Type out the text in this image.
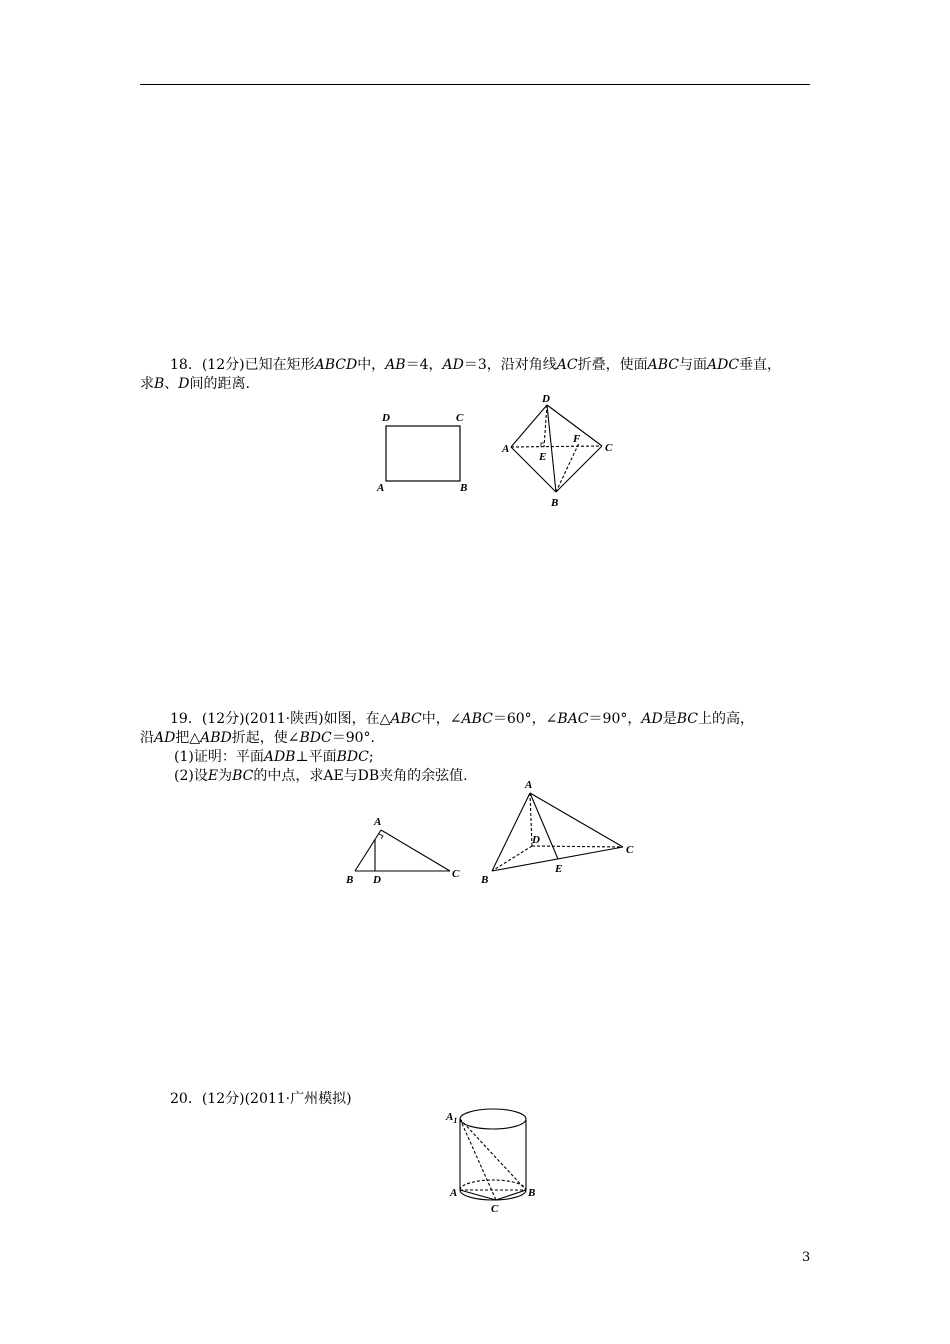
18．(12分)已知在矩形ABCD中，AB＝4，AD＝3，沿对角线AC折叠，使面ABC与面ADC垂直，

求B、D间的距离.

D	C
A	B
D
A
E
F
C
B

19．(12分)(2011·陕西)如图，在△ABC中，∠ABC＝60°，∠BAC＝90°，AD是BC上的高，

沿AD把△ABD折起，使∠BDC＝90°.

(1)证明：平面ADB⊥平面BDC;

(2)设E为BC的中点，求AE与DB夹角的余弦值.

A
B D	C
A
D
C
E
B

20．(12分)(2011·广州模拟)

$A_1$
A	B
C
3
